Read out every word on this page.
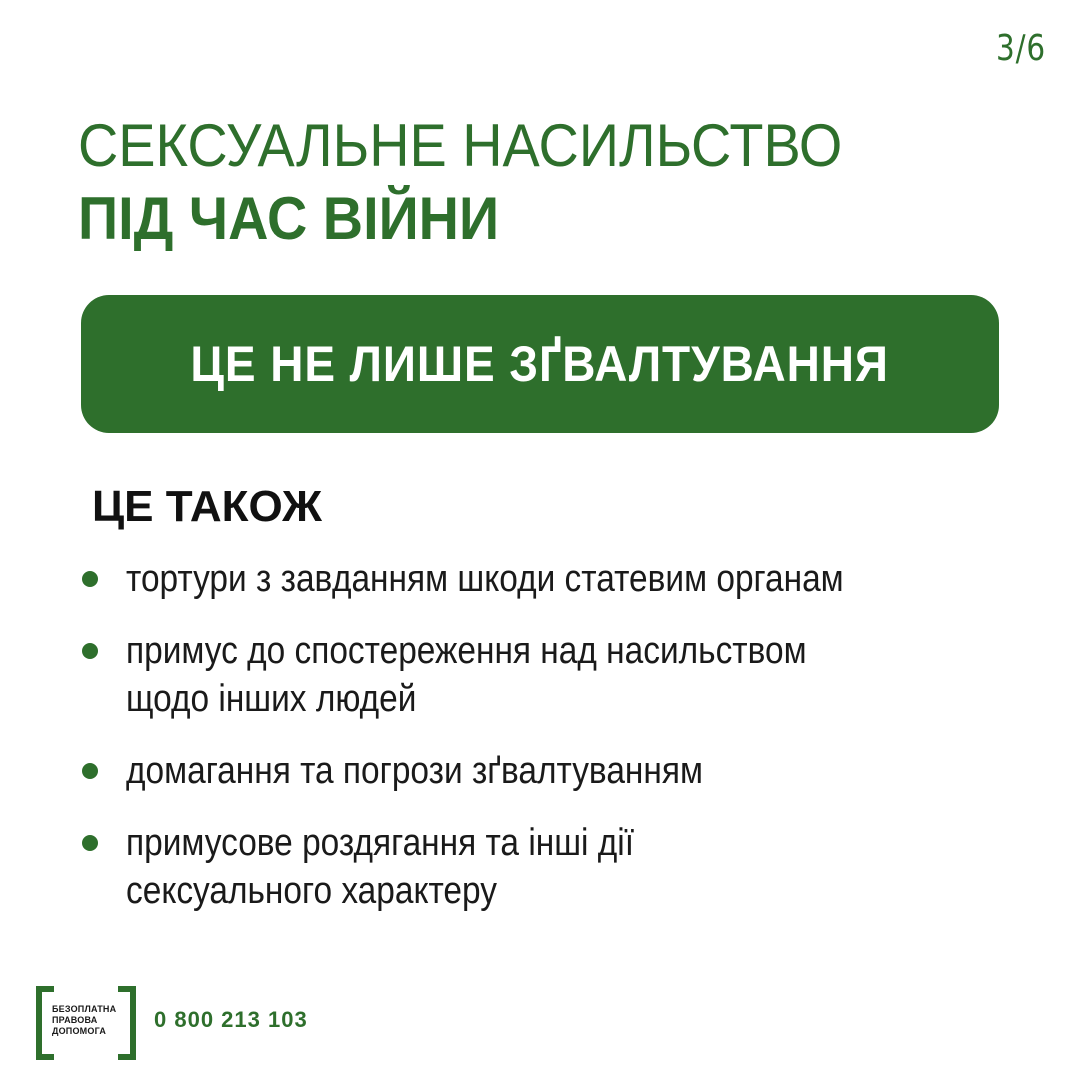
3/6
СЕКСУАЛЬНЕ НАСИЛЬСТВО
ПІД ЧАС ВІЙНИ
ЦЕ НЕ ЛИШЕ ЗҐВАЛТУВАННЯ
ЦЕ ТАКОЖ
тортури з завданням шкоди статевим органам
примус до спостереження над насильством
щодо інших людей
домагання та погрози зґвалтуванням
примусове роздягання та інші дії
сексуального характеру
БЕЗОПЛАТНА
ПРАВОВА
ДОПОМОГА	0 800 213 103
